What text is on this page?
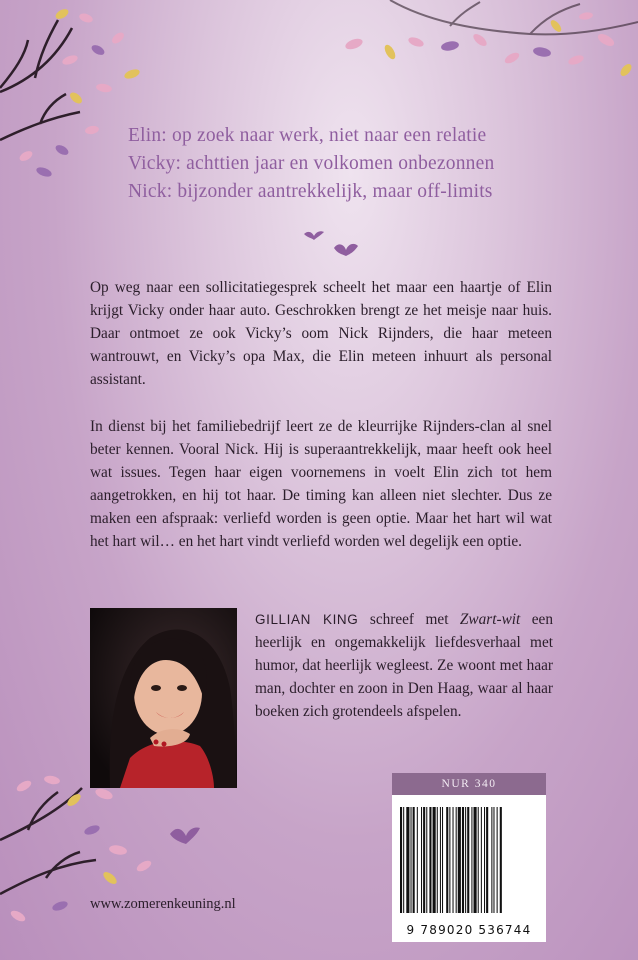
Elin: op zoek naar werk, niet naar een relatie
Vicky: achttien jaar en volkomen onbezonnen
Nick: bijzonder aantrekkelijk, maar off-limits
Op weg naar een sollicitatiegesprek scheelt het maar een haartje of Elin krijgt Vicky onder haar auto. Geschrokken brengt ze het meisje naar huis. Daar ontmoet ze ook Vicky’s oom Nick Rijnders, die haar meteen wantrouwt, en Vicky’s opa Max, die Elin meteen inhuurt als personal assistant.
In dienst bij het familiebedrijf leert ze de kleurrijke Rijnders-clan al snel beter kennen. Vooral Nick. Hij is superaantrekkelijk, maar heeft ook heel wat issues. Tegen haar eigen voornemens in voelt Elin zich tot hem aangetrokken, en hij tot haar. De timing kan alleen niet slechter. Dus ze maken een afspraak: verliefd worden is geen optie. Maar het hart wil wat het hart wil… en het hart vindt verliefd worden wel degelijk een optie.
GILLIAN KING schreef met Zwart-wit een heerlijk en ongemakkelijk liefdesverhaal met humor, dat heerlijk wegleest. Ze woont met haar man, dochter en zoon in Den Haag, waar al haar boeken zich grotendeels afspelen.
NUR 340
9 789020 536744
www.zomerenkeuning.nl
